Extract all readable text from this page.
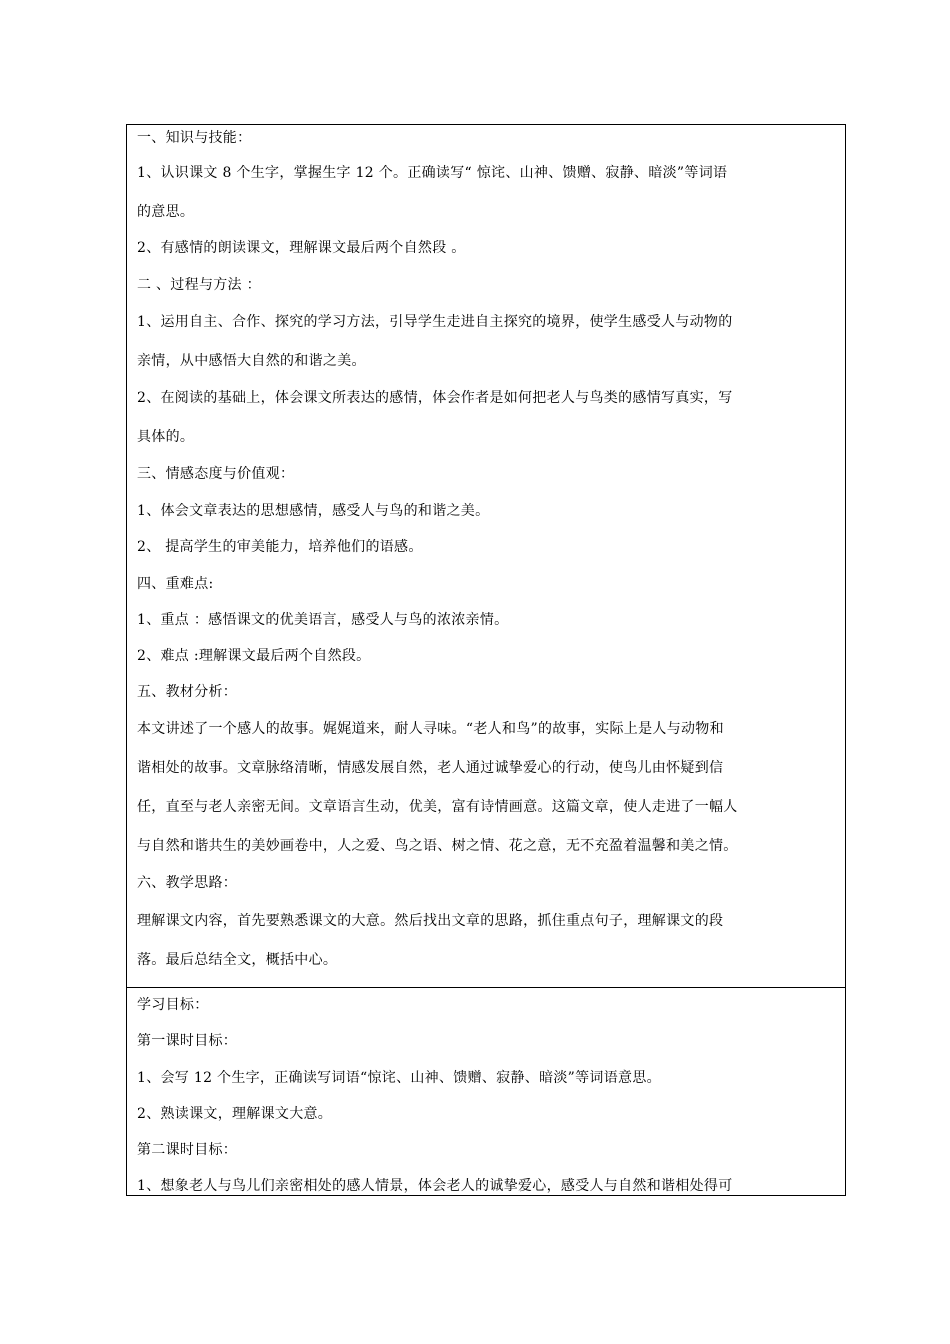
一、知识与技能：
1、认识课文 8 个生字，掌握生字 12 个。正确读写“ 惊诧、山神、馈赠、寂静、暗淡”等词语
的意思。
2、有感情的朗读课文，理解课文最后两个自然段 。
二 、过程与方法 ：
1、运用自主、合作、探究的学习方法，引导学生走进自主探究的境界，使学生感受人与动物的
亲情，从中感悟大自然的和谐之美。
2、在阅读的基础上，体会课文所表达的感情，体会作者是如何把老人与鸟类的感情写真实，写
具体的。
三、情感态度与价值观：
1、体会文章表达的思想感情，感受人与鸟的和谐之美。
2、 提高学生的审美能力，培养他们的语感。
四、重难点:
1、重点 ：感悟课文的优美语言，感受人与鸟的浓浓亲情。
2、难点 :理解课文最后两个自然段。
五、教材分析：
本文讲述了一个感人的故事。娓娓道来，耐人寻味。“老人和鸟”的故事，实际上是人与动物和
谐相处的故事。文章脉络清晰，情感发展自然，老人通过诚挚爱心的行动，使鸟儿由怀疑到信
任，直至与老人亲密无间。文章语言生动，优美，富有诗情画意。这篇文章，使人走进了一幅人
与自然和谐共生的美妙画卷中，人之爱、鸟之语、树之情、花之意，无不充盈着温馨和美之情。
六、教学思路：
理解课文内容，首先要熟悉课文的大意。然后找出文章的思路，抓住重点句子，理解课文的段
落。最后总结全文，概括中心。
学习目标：
第一课时目标：
1、会写 12 个生字，正确读写词语“惊诧、山神、馈赠、寂静、暗淡”等词语意思。
2、熟读课文，理解课文大意。
第二课时目标：
1、想象老人与鸟儿们亲密相处的感人情景，体会老人的诚挚爱心，感受人与自然和谐相处得可
